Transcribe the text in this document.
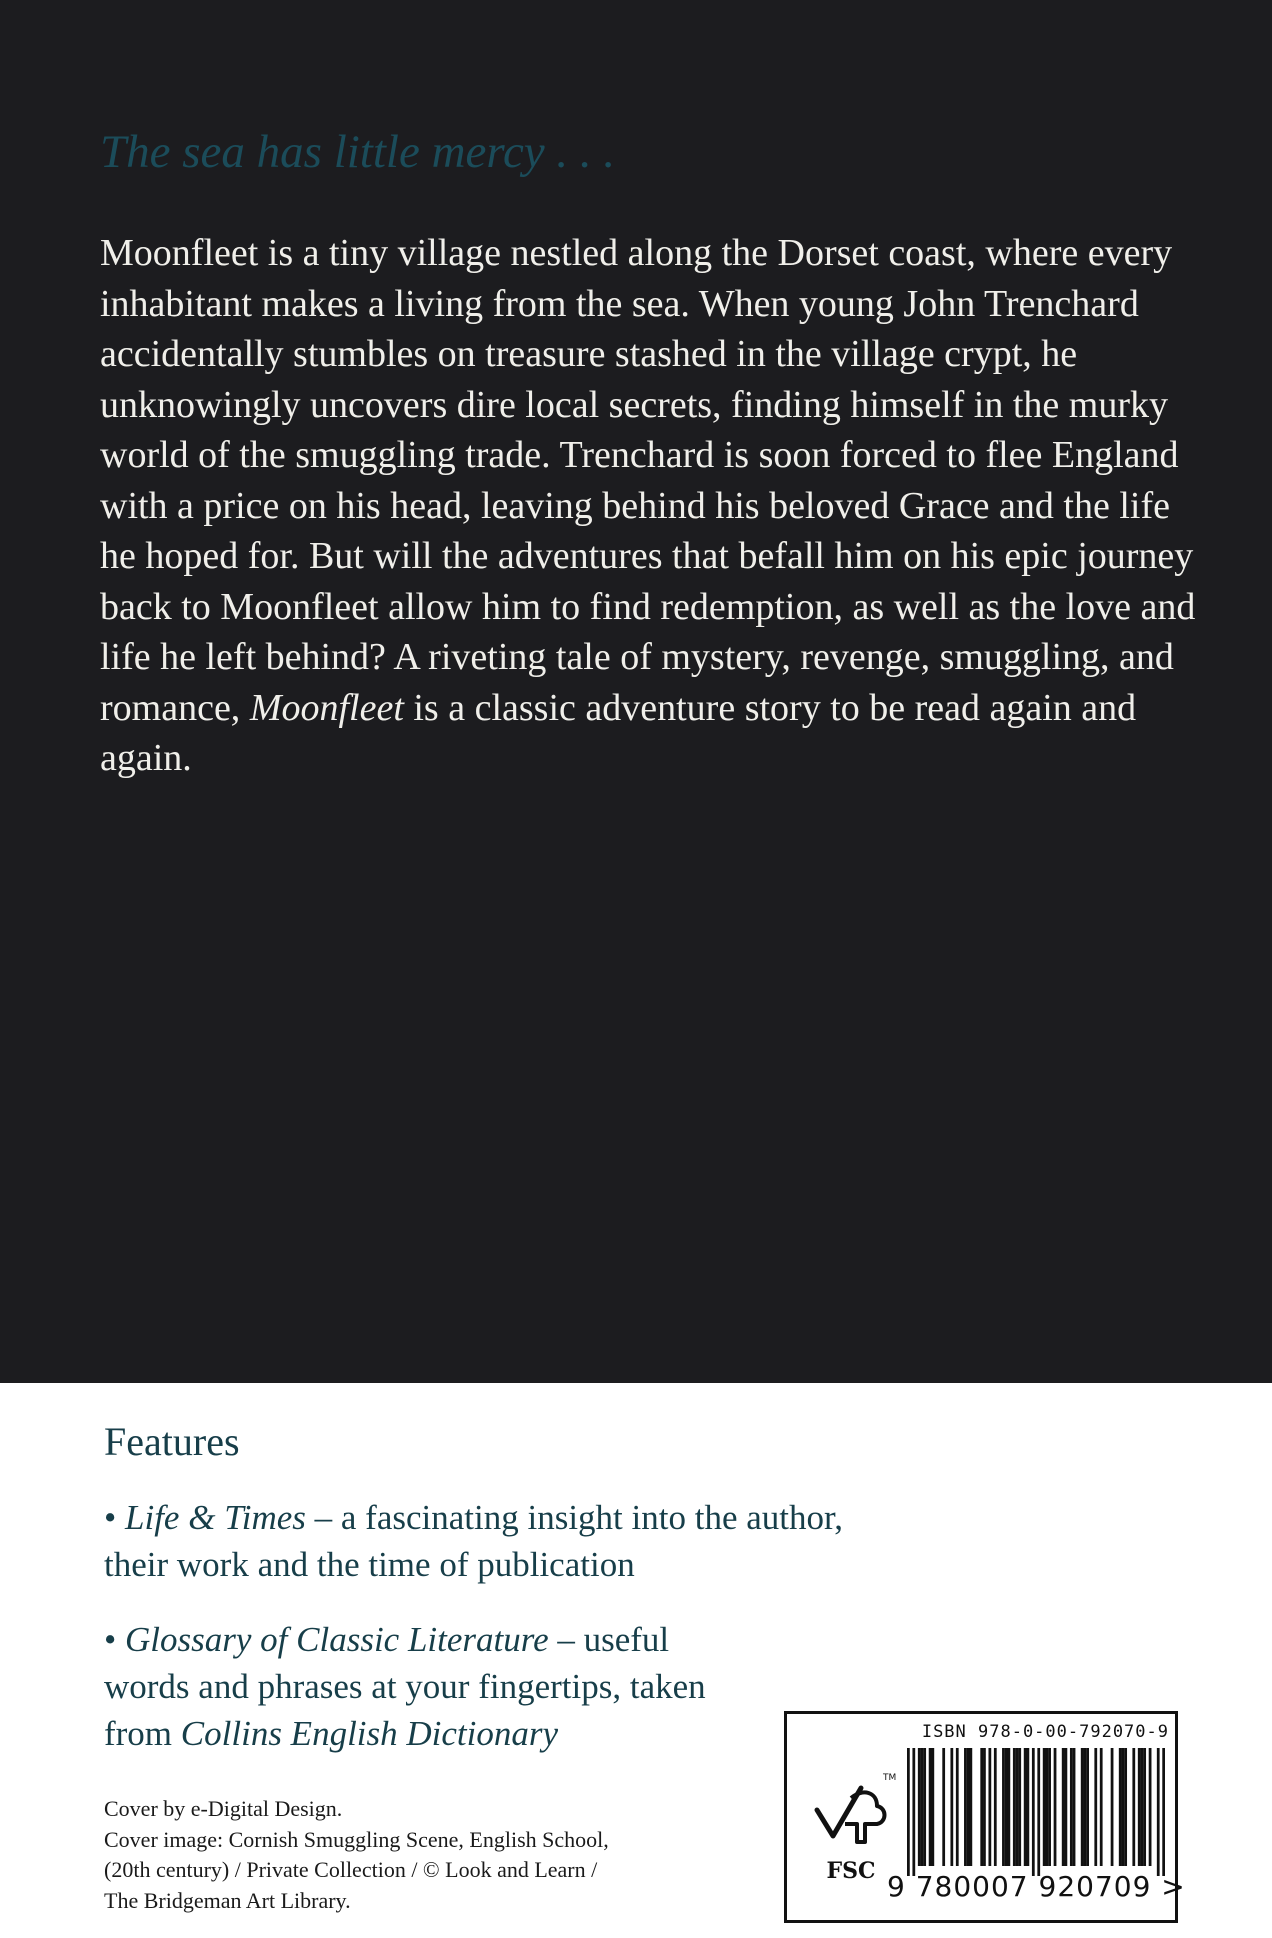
The sea has little mercy . . .

Moonfleet is a tiny village nestled along the Dorset coast, where every inhabitant makes a living from the sea. When young John Trenchard accidentally stumbles on treasure stashed in the village crypt, he unknowingly uncovers dire local secrets, finding himself in the murky world of the smuggling trade. Trenchard is soon forced to flee England with a price on his head, leaving behind his beloved Grace and the life he hoped for. But will the adventures that befall him on his epic journey back to Moonfleet allow him to find redemption, as well as the love and life he left behind? A riveting tale of mystery, revenge, smuggling, and romance, Moonfleet is a classic adventure story to be read again and again.

Features

• Life & Times – a fascinating insight into the author, their work and the time of publication

• Glossary of Classic Literature – useful words and phrases at your fingertips, taken from Collins English Dictionary

Cover by e-Digital Design.
Cover image: Cornish Smuggling Scene, English School,
(20th century) / Private Collection / © Look and Learn /
The Bridgeman Art Library.
TM
FSC
ISBN 978-0-00-792070-9
9 780007 920709 >
